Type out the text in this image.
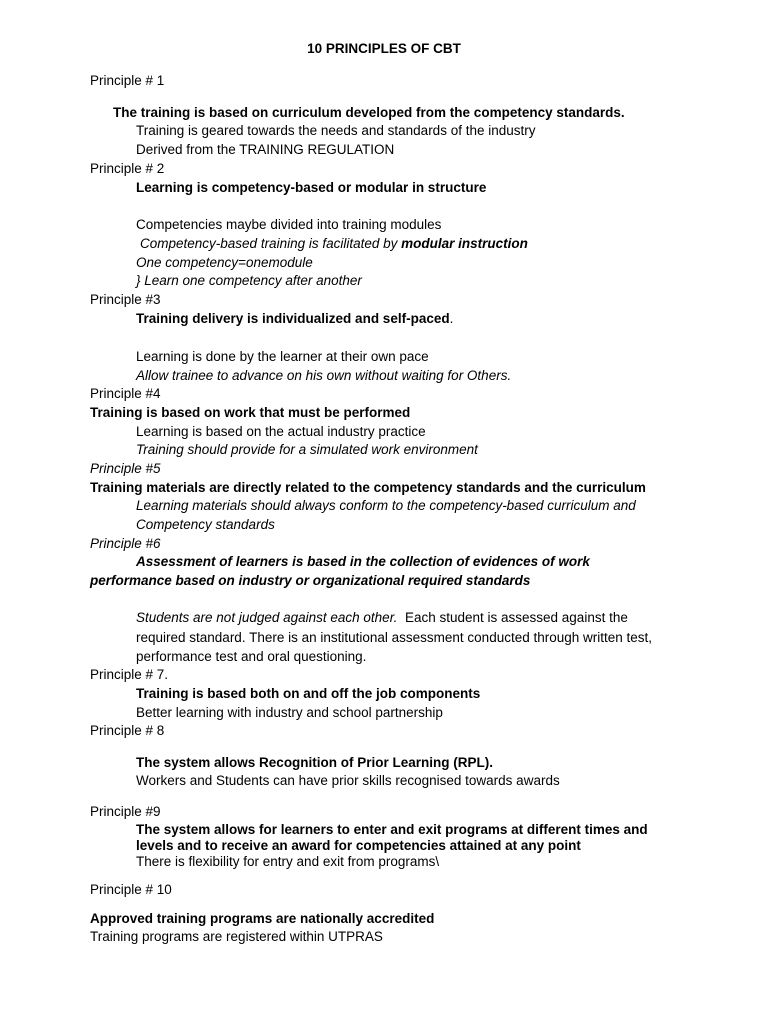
10 PRINCIPLES OF CBT
Principle # 1
The training is based on curriculum developed from the competency standards.
Training is geared towards the needs and standards of the industry
Derived from the TRAINING REGULATION
Principle # 2
Learning is competency-based or modular in structure
Competencies maybe divided into training modules
Competency-based training is facilitated by modular instruction
One competency=onemodule
} Learn one competency after another
Principle #3
Training delivery is individualized and self-paced.
Learning is done by the learner at their own pace
Allow trainee to advance on his own without waiting for Others.
Principle #4
Training is based on work that must be performed
Learning is based on the actual industry practice
Training should provide for a simulated work environment
Principle #5
Training materials are directly related to the competency standards and the curriculum
Learning materials should always conform to the competency-based curriculum and
Competency standards
Principle #6
Assessment of learners is based in the collection of evidences of work
performance based on industry or organizational required standards
Students are not judged against each other. Each student is assessed against the
required standard. There is an institutional assessment conducted through written test,
performance test and oral questioning.
Principle # 7.
Training is based both on and off the job components
Better learning with industry and school partnership
Principle # 8
The system allows Recognition of Prior Learning (RPL).
Workers and Students can have prior skills recognised towards awards
Principle #9
The system allows for learners to enter and exit programs at different times and
levels and to receive an award for competencies attained at any point
There is flexibility for entry and exit from programs\
Principle # 10
Approved training programs are nationally accredited
Training programs are registered within UTPRAS
